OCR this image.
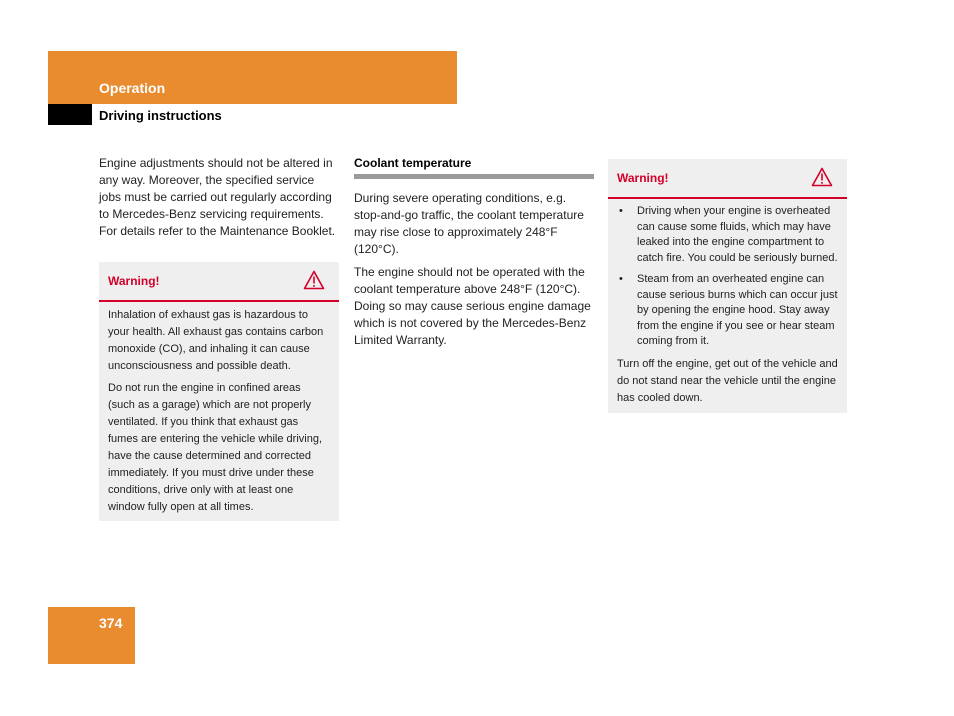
Operation
Driving instructions

Engine adjustments should not be altered in any way. Moreover, the specified service jobs must be carried out regularly according to Mercedes-Benz servicing requirements. For details refer to the Maintenance Booklet.

Warning!

Inhalation of exhaust gas is hazardous to your health. All exhaust gas contains carbon monoxide (CO), and inhaling it can cause unconsciousness and possible death.

Do not run the engine in confined areas (such as a garage) which are not properly ventilated. If you think that exhaust gas fumes are entering the vehicle while driving, have the cause determined and corrected immediately. If you must drive under these conditions, drive only with at least one window fully open at all times.

Coolant temperature

During severe operating conditions, e.g. stop-and-go traffic, the coolant temperature may rise close to approximately 248°F (120°C).

The engine should not be operated with the coolant temperature above 248°F (120°C). Doing so may cause serious engine damage which is not covered by the Mercedes-Benz Limited Warranty.

Warning!
• Driving when your engine is overheated can cause some fluids, which may have leaked into the engine compartment to catch fire. You could be seriously burned.
• Steam from an overheated engine can cause serious burns which can occur just by opening the engine hood. Stay away from the engine if you see or hear steam coming from it.

Turn off the engine, get out of the vehicle and do not stand near the vehicle until the engine has cooled down.

374
